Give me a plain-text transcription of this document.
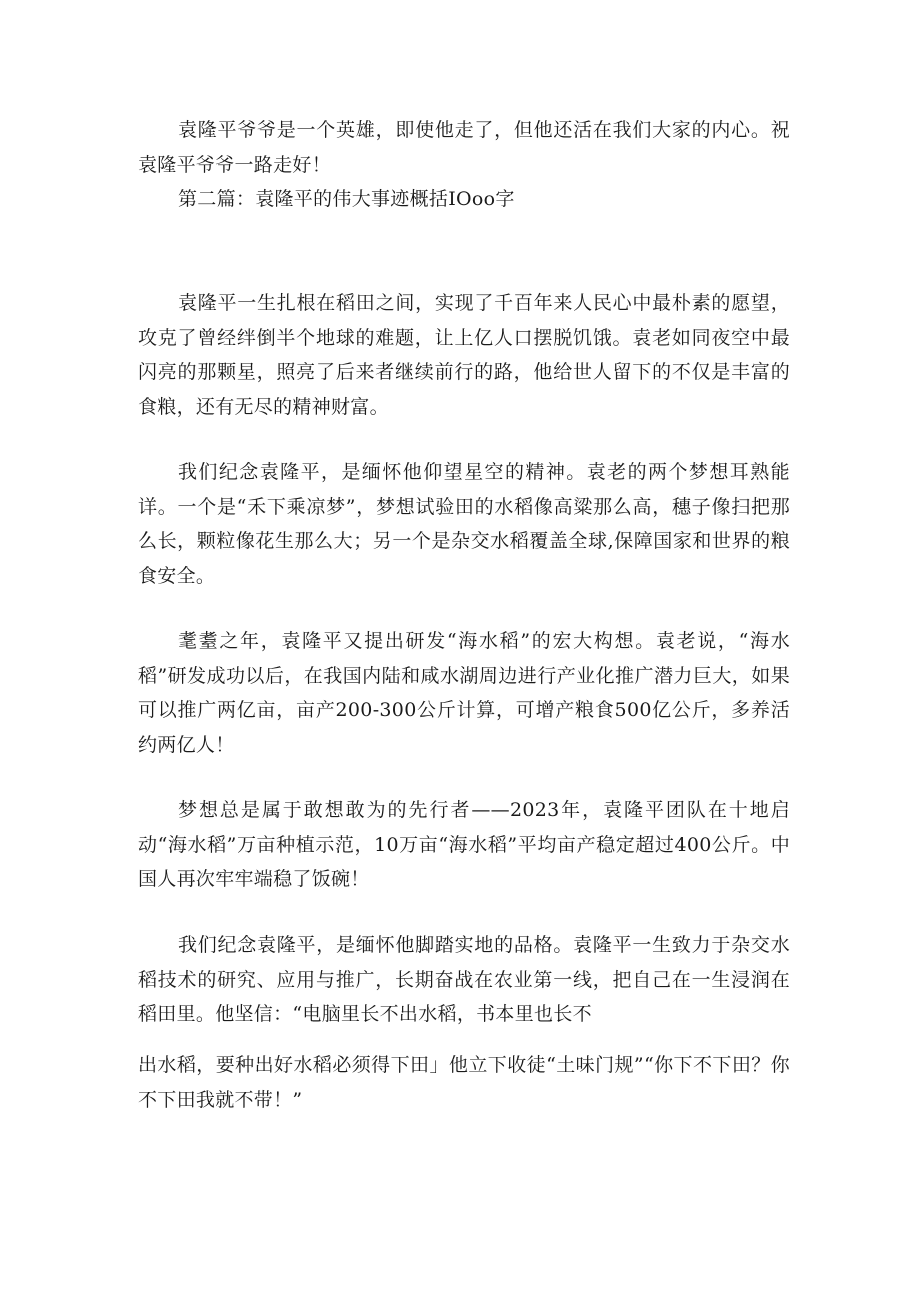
袁隆平爷爷是一个英雄，即使他走了，但他还活在我们大家的内心。祝袁隆平爷爷一路走好！

第二篇：袁隆平的伟大事迹概括IOoo字

袁隆平一生扎根在稻田之间，实现了千百年来人民心中最朴素的愿望，攻克了曾经绊倒半个地球的难题，让上亿人口摆脱饥饿。袁老如同夜空中最闪亮的那颗星，照亮了后来者继续前行的路，他给世人留下的不仅是丰富的食粮，还有无尽的精神财富。

我们纪念袁隆平，是缅怀他仰望星空的精神。袁老的两个梦想耳熟能详。一个是“禾下乘凉梦”，梦想试验田的水稻像高粱那么高，穗子像扫把那么长，颗粒像花生那么大；另一个是杂交水稻覆盖全球,保障国家和世界的粮食安全。

耄耋之年，袁隆平又提出研发“海水稻”的宏大构想。袁老说，“海水稻”研发成功以后，在我国内陆和咸水湖周边进行产业化推广潜力巨大，如果可以推广两亿亩，亩产200-300公斤计算，可增产粮食500亿公斤，多养活约两亿人！

梦想总是属于敢想敢为的先行者——2023年，袁隆平团队在十地启动“海水稻”万亩种植示范，10万亩“海水稻”平均亩产稳定超过400公斤。中国人再次牢牢端稳了饭碗！

我们纪念袁隆平，是缅怀他脚踏实地的品格。袁隆平一生致力于杂交水稻技术的研究、应用与推广，长期奋战在农业第一线，把自己在一生浸润在稻田里。他坚信：“电脑里长不出水稻，书本里也长不

出水稻，要种出好水稻必须得下田」他立下收徒“土味门规”“你下不下田？你不下田我就不带！”
